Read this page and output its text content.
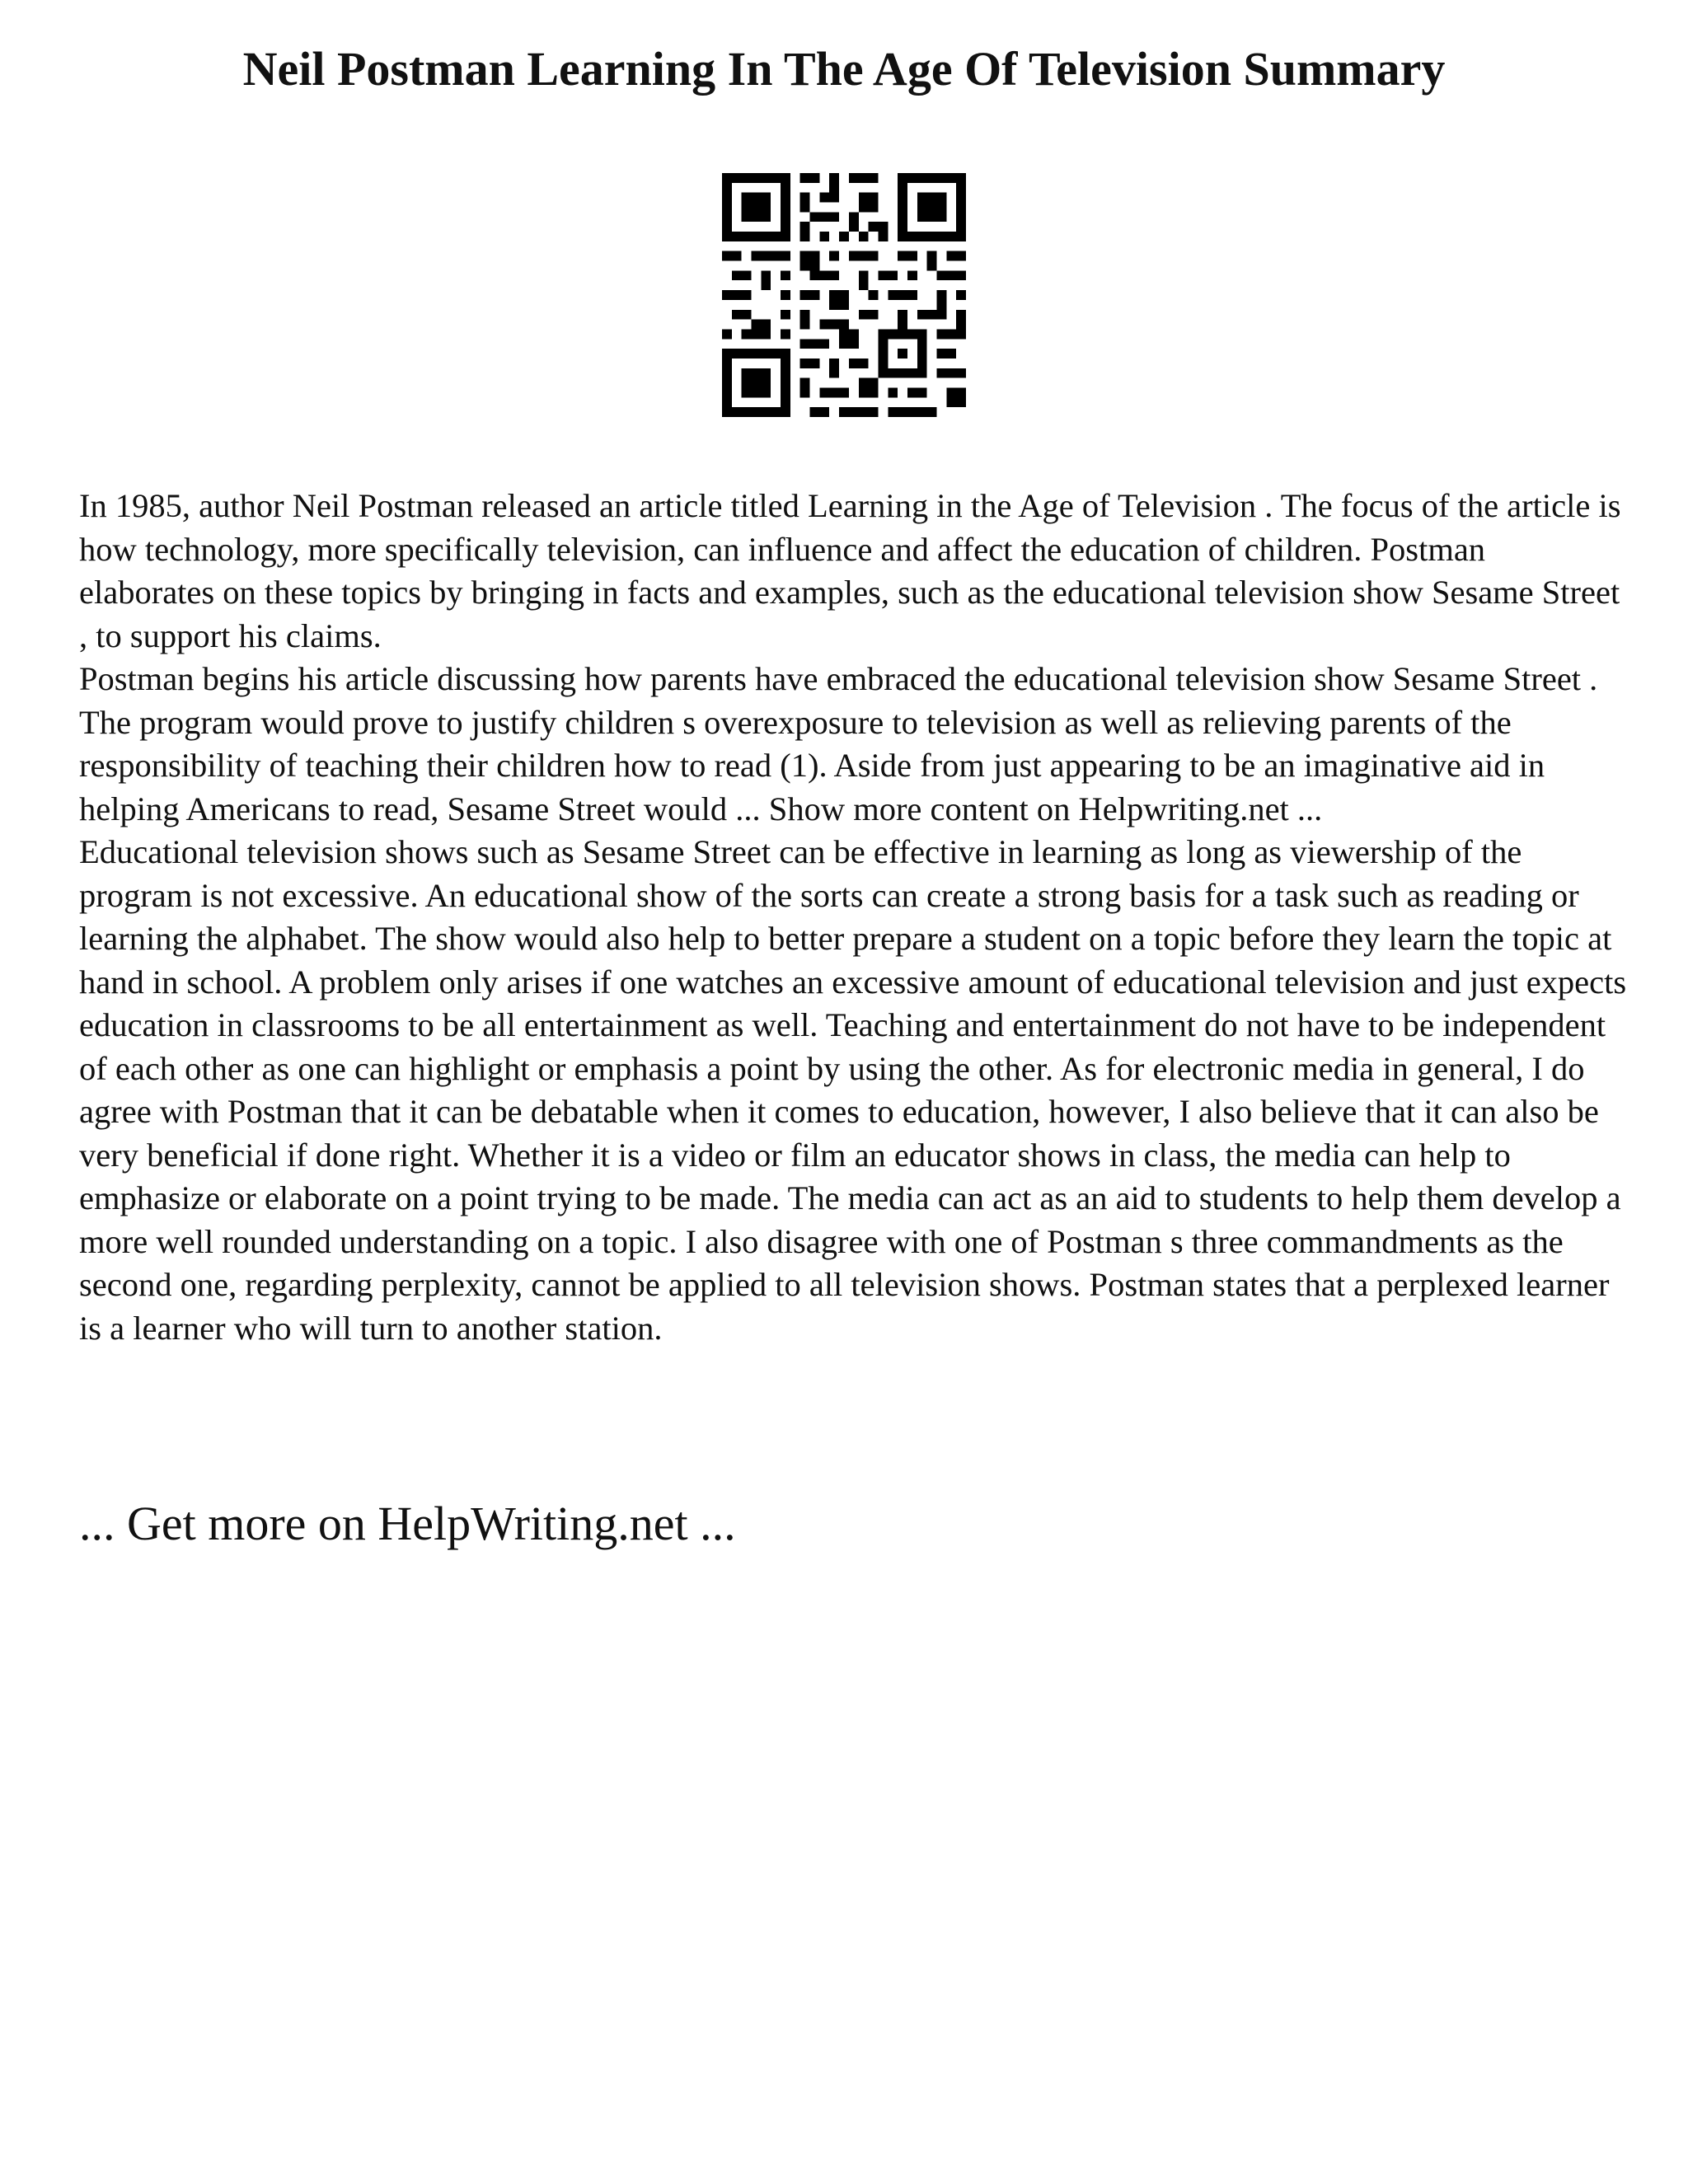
Neil Postman Learning In The Age Of Television Summary

In 1985, author Neil Postman released an article titled Learning in the Age of Television . The focus of the article is how technology, more specifically television, can influence and affect the education of children. Postman elaborates on these topics by bringing in facts and examples, such as the educational television show Sesame Street , to support his claims.

Postman begins his article discussing how parents have embraced the educational television show Sesame Street . The program would prove to justify children s overexposure to television as well as relieving parents of the responsibility of teaching their children how to read (1). Aside from just appearing to be an imaginative aid in helping Americans to read, Sesame Street would ... Show more content on Helpwriting.net ...

Educational television shows such as Sesame Street can be effective in learning as long as viewership of the program is not excessive. An educational show of the sorts can create a strong basis for a task such as reading or learning the alphabet. The show would also help to better prepare a student on a topic before they learn the topic at hand in school. A problem only arises if one watches an excessive amount of educational television and just expects education in classrooms to be all entertainment as well. Teaching and entertainment do not have to be independent of each other as one can highlight or emphasis a point by using the other. As for electronic media in general, I do agree with Postman that it can be debatable when it comes to education, however, I also believe that it can also be very beneficial if done right. Whether it is a video or film an educator shows in class, the media can help to emphasize or elaborate on a point trying to be made. The media can act as an aid to students to help them develop a more well rounded understanding on a topic. I also disagree with one of Postman s three commandments as the second one, regarding perplexity, cannot be applied to all television shows. Postman states that a perplexed learner is a learner who will turn to another station.

... Get more on HelpWriting.net ...
